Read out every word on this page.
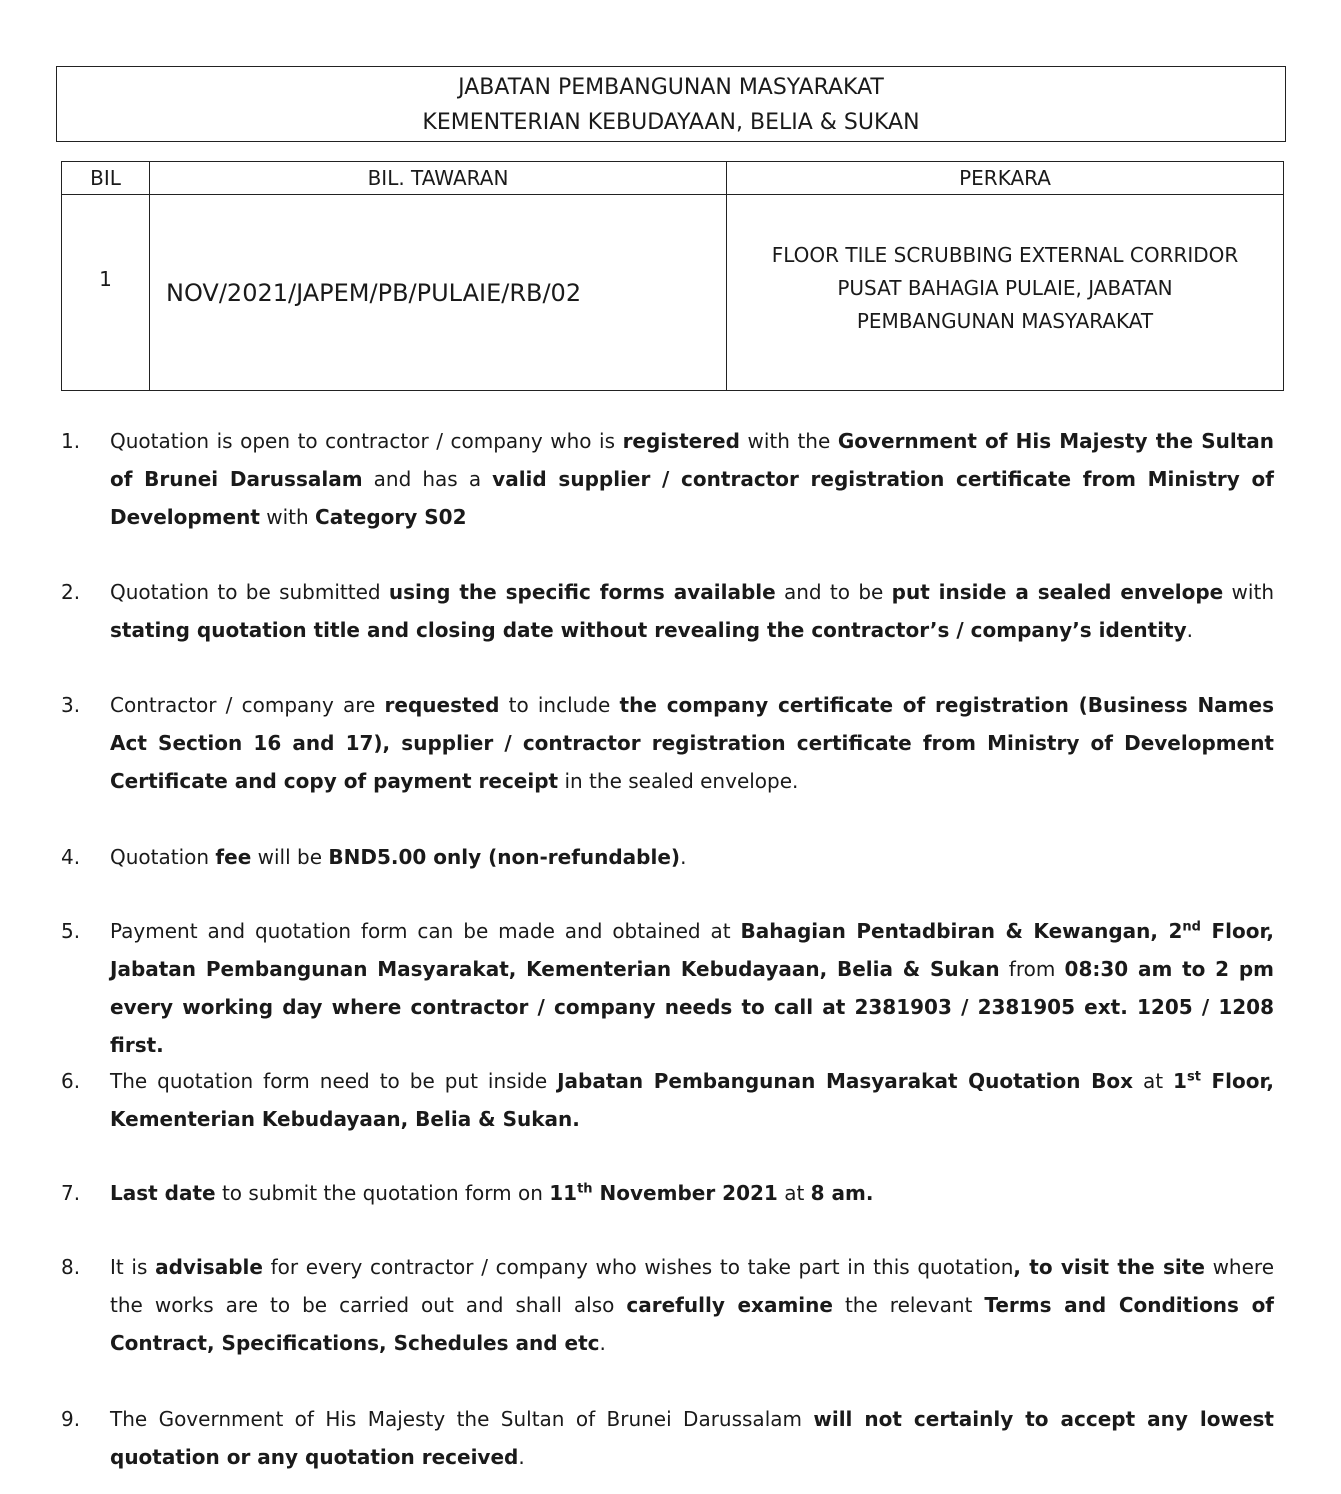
JABATAN PEMBANGUNAN MASYARAKAT
KEMENTERIAN KEBUDAYAAN, BELIA & SUKAN
BIL	BIL. TAWARAN	PERKARA
1	NOV/2021/JAPEM/PB/PULAIE/RB/02	FLOOR TILE SCRUBBING EXTERNAL CORRIDOR PUSAT BAHAGIA PULAIE, JABATAN PEMBANGUNAN MASYARAKAT
1. Quotation is open to contractor / company who is registered with the Government of His Majesty the Sultan of Brunei Darussalam and has a valid supplier / contractor registration certificate from Ministry of Development with Category S02
2. Quotation to be submitted using the specific forms available and to be put inside a sealed envelope with stating quotation title and closing date without revealing the contractor’s / company’s identity.
3. Contractor / company are requested to include the company certificate of registration (Business Names Act Section 16 and 17), supplier / contractor registration certificate from Ministry of Development Certificate and copy of payment receipt in the sealed envelope.
4. Quotation fee will be BND5.00 only (non-refundable).
5. Payment and quotation form can be made and obtained at Bahagian Pentadbiran & Kewangan, 2nd Floor, Jabatan Pembangunan Masyarakat, Kementerian Kebudayaan, Belia & Sukan from 08:30 am to 2 pm every working day where contractor / company needs to call at 2381903 / 2381905 ext. 1205 / 1208 first.
6. The quotation form need to be put inside Jabatan Pembangunan Masyarakat Quotation Box at 1st Floor, Kementerian Kebudayaan, Belia & Sukan.
7. Last date to submit the quotation form on 11th November 2021 at 8 am.
8. It is advisable for every contractor / company who wishes to take part in this quotation, to visit the site where the works are to be carried out and shall also carefully examine the relevant Terms and Conditions of Contract, Specifications, Schedules and etc.
9. The Government of His Majesty the Sultan of Brunei Darussalam will not certainly to accept any lowest quotation or any quotation received.
